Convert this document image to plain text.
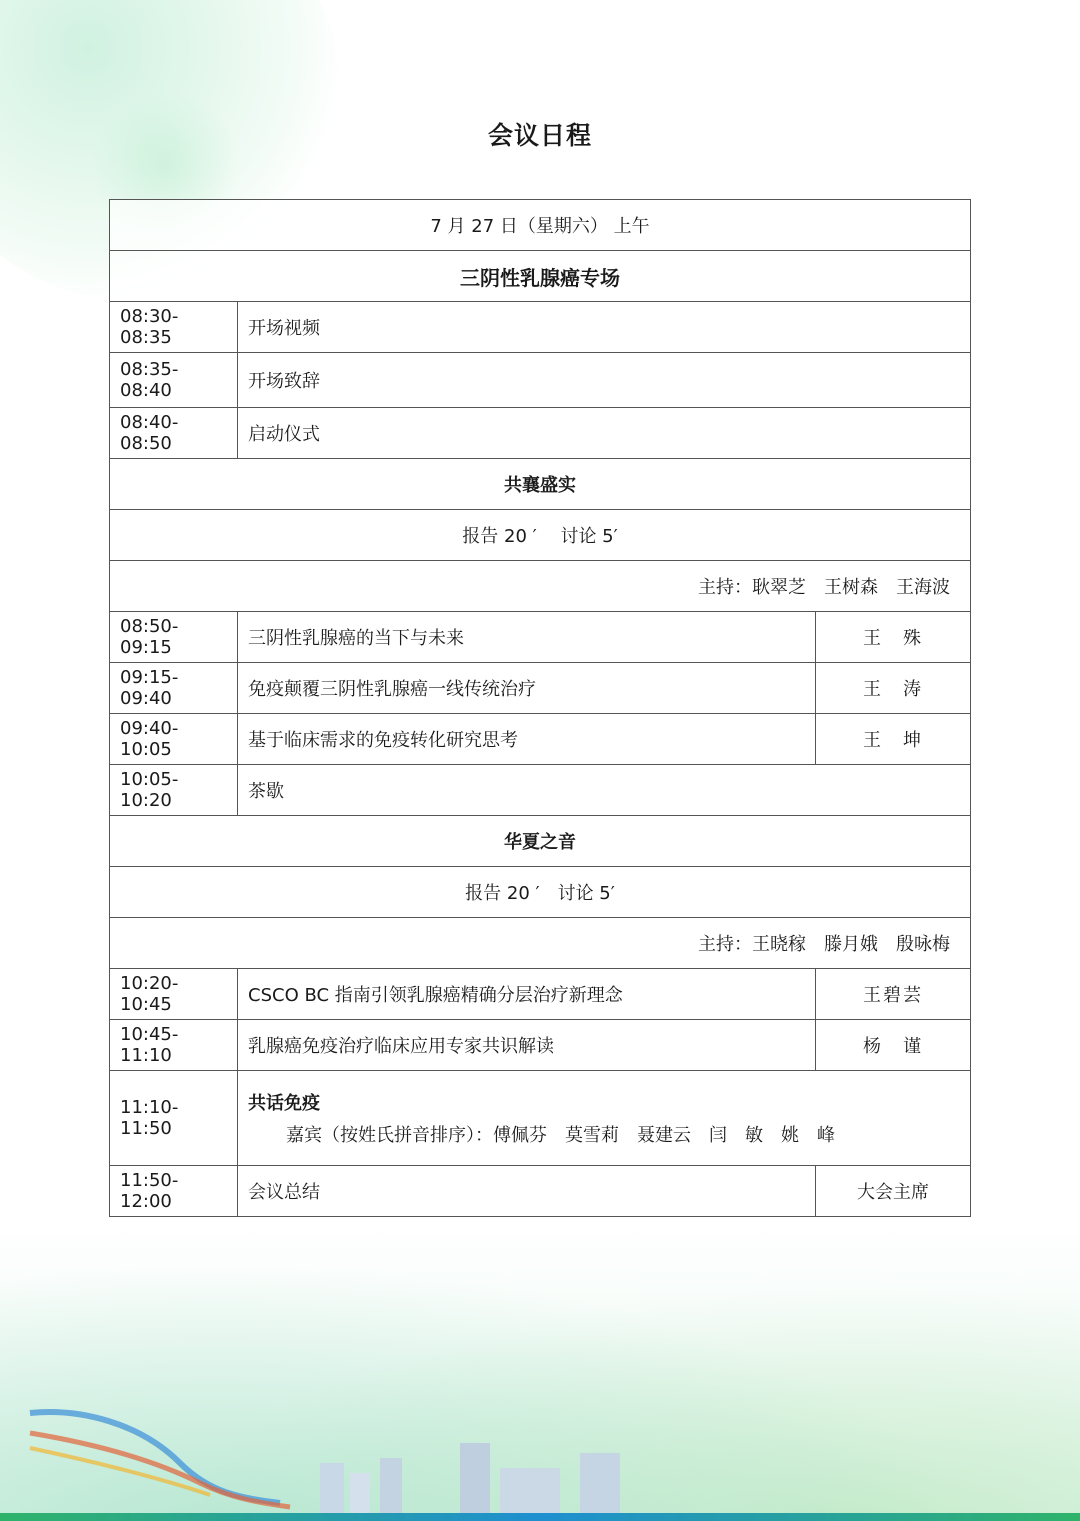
会议日程
7 月 27 日（星期六） 上午		
三阴性乳腺癌专场		
08:30-08:35	开场视频	
08:35-08:40	开场致辞	
08:40-08:50	启动仪式	
共襄盛实		
报告 20 ′　 讨论 5′		
主持：耿翠芝　王树森　王海波		
08:50-09:15	三阴性乳腺癌的当下与未来	王　殊
09:15-09:40	免疫颠覆三阴性乳腺癌一线传统治疗	王　涛
09:40-10:05	基于临床需求的免疫转化研究思考	王　坤
10:05-10:20	茶歇	
华夏之音		
报告 20 ′　讨论 5′		
主持：王晓稼　滕月娥　殷咏梅		
10:20-10:45	CSCO BC 指南引领乳腺癌精确分层治疗新理念	王碧芸
10:45-11:10	乳腺癌免疫治疗临床应用专家共识解读	杨　谨
11:10-11:50	共话免疫
嘉宾（按姓氏拼音排序）：傅佩芬　莫雪莉　聂建云　闫　敏　姚　峰	

11:50-12:00	会议总结	大会主席
